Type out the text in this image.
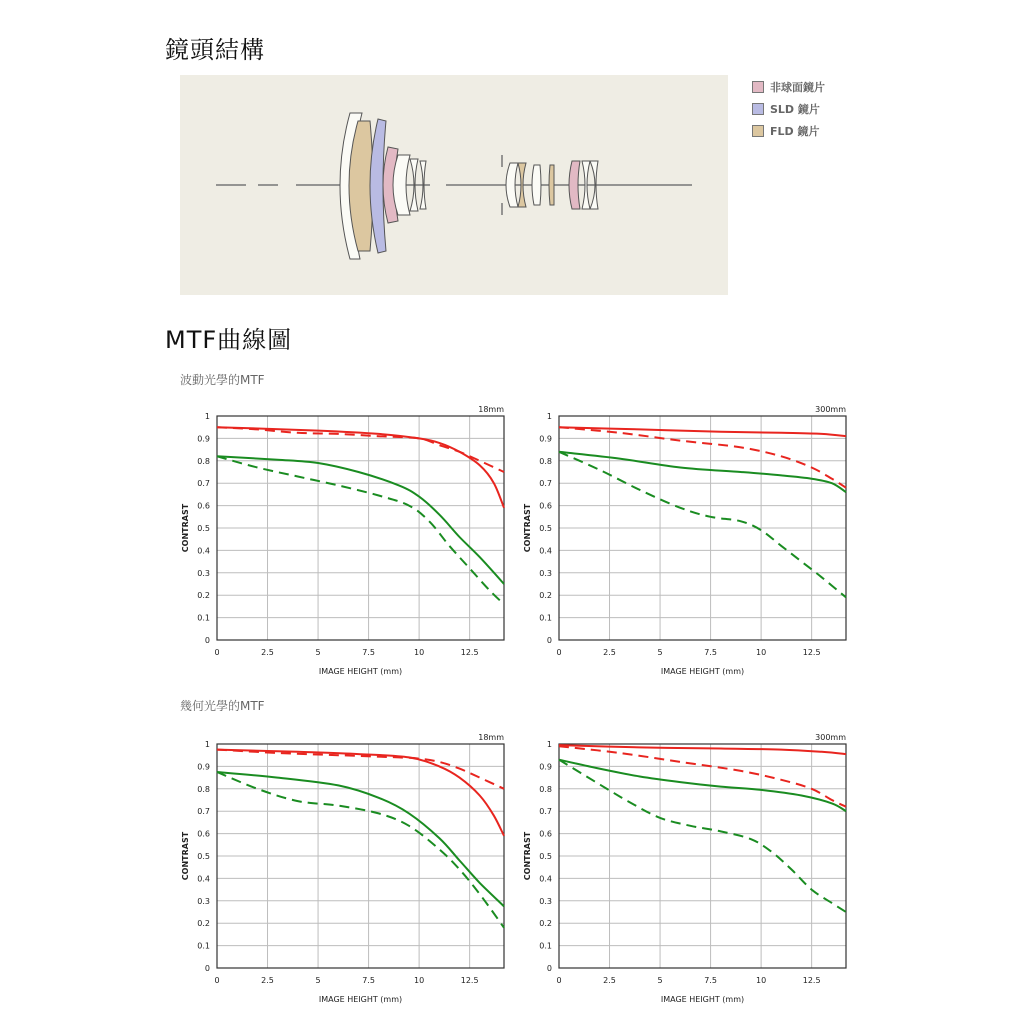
鏡頭結構
非球面鏡片
SLD 鏡片
FLD 鏡片
MTF曲線圖
波動光學的MTF
幾何光學的MTF
0
0.1
0.2
0.3
0.4
0.5
0.6
0.7
0.8
0.9
1
0	2.5	5	7.5	10	12.5
IMAGE HEIGHT (mm)
CONTRAST
18mm
0
0.1
0.2
0.3
0.4
0.5
0.6
0.7
0.8
0.9
1
0	2.5	5	7.5	10	12.5
IMAGE HEIGHT (mm)
CONTRAST
300mm
0
0.1
0.2
0.3
0.4
0.5
0.6
0.7
0.8
0.9
1
0	2.5	5	7.5	10	12.5
IMAGE HEIGHT (mm)
CONTRAST
18mm
0
0.1
0.2
0.3
0.4
0.5
0.6
0.7
0.8
0.9
1
0	2.5	5	7.5	10	12.5
IMAGE HEIGHT (mm)
CONTRAST
300mm
